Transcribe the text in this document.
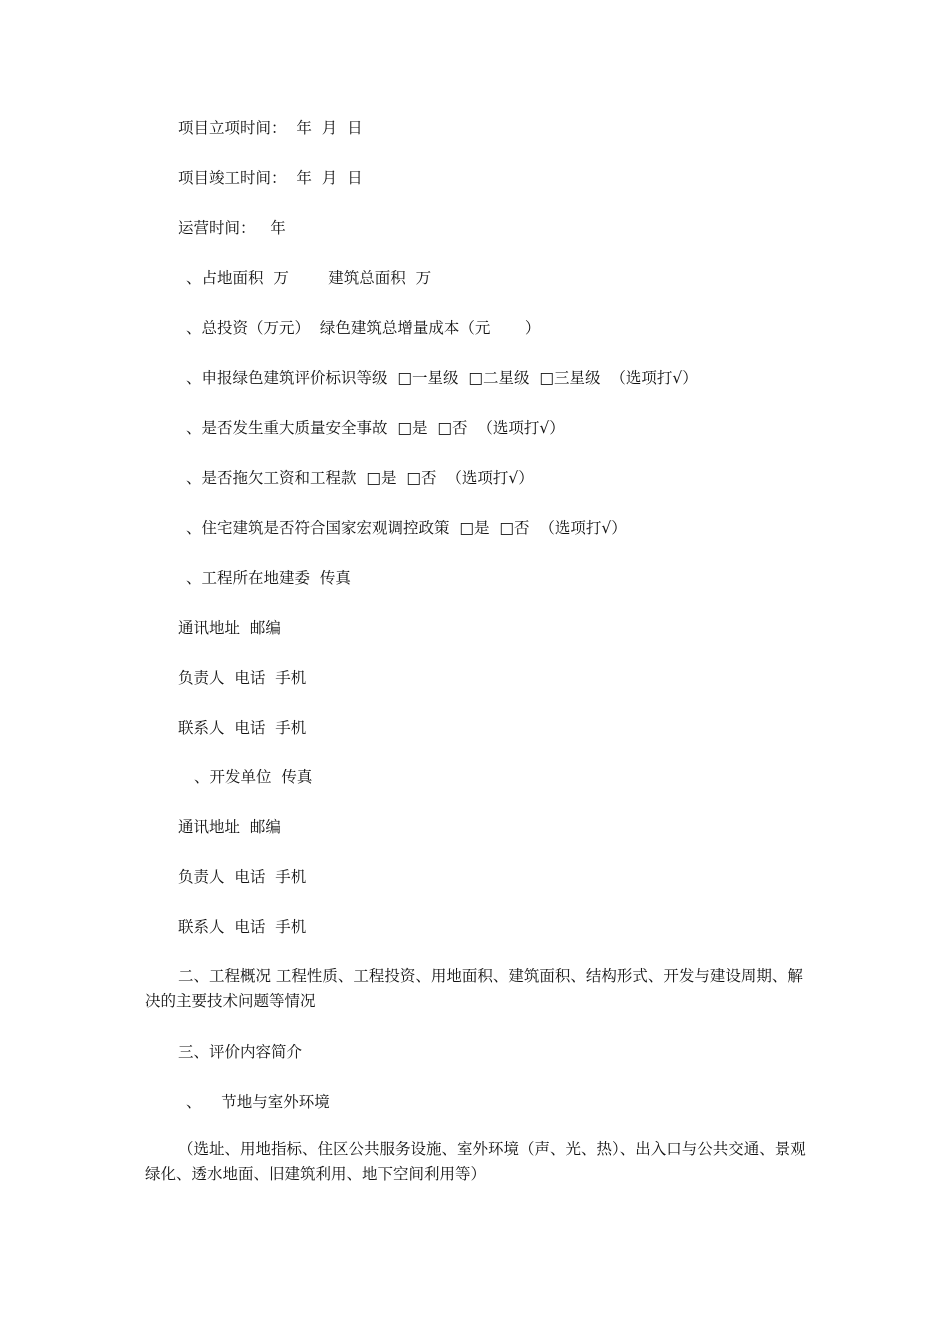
项目立项时间：  年  月  日
项目竣工时间：  年  月  日
运营时间：   年
、占地面积  万        建筑总面积  万
、总投资（万元）  绿色建筑总增量成本（元       ）
、申报绿色建筑评价标识等级  □一星级  □二星级  □三星级  （选项打√）
、是否发生重大质量安全事故  □是  □否  （选项打√）
、是否拖欠工资和工程款  □是  □否  （选项打√）
、住宅建筑是否符合国家宏观调控政策  □是  □否  （选项打√）
、工程所在地建委  传真
通讯地址  邮编
负责人  电话  手机
联系人  电话  手机
、开发单位  传真
通讯地址  邮编
负责人  电话  手机
联系人  电话  手机
二、工程概况 工程性质、工程投资、用地面积、建筑面积、结构形式、开发与建设周期、解决的主要技术问题等情况
三、评价内容简介
、    节地与室外环境
（选址、用地指标、住区公共服务设施、室外环境（声、光、热）、出入口与公共交通、景观绿化、透水地面、旧建筑利用、地下空间利用等）
